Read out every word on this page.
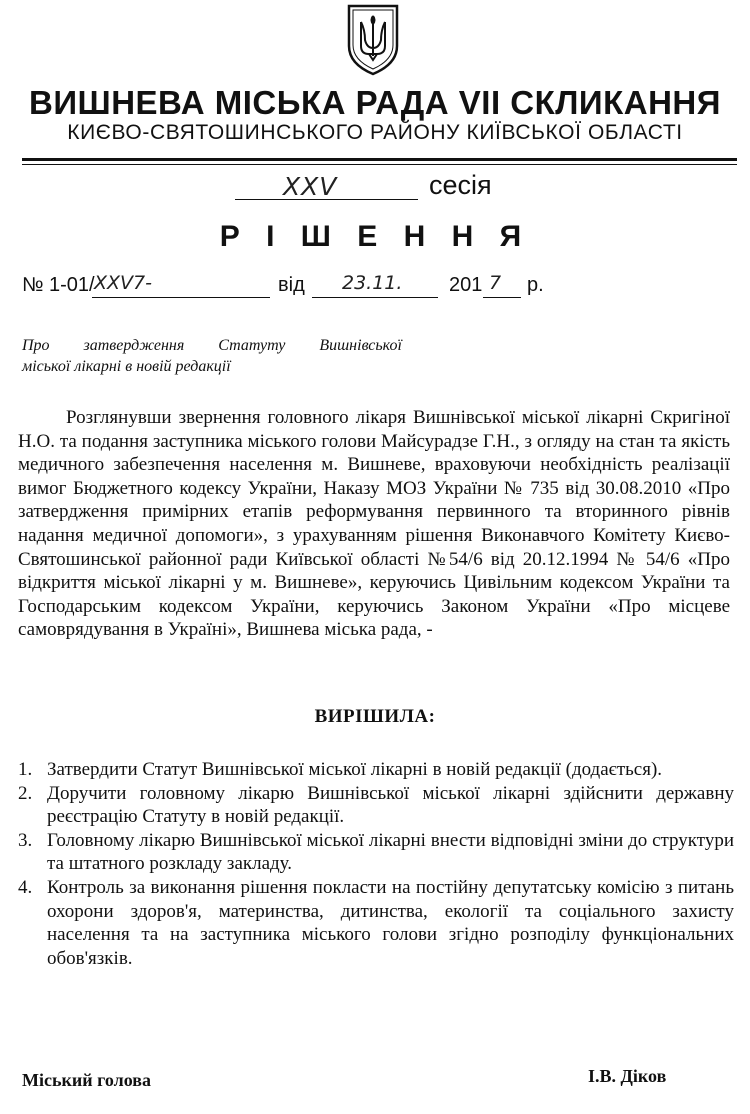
ВИШНЕВА МІСЬКА РАДА VII СКЛИКАННЯ
КИЄВО-СВЯТОШИНСЬКОГО РАЙОНУ КИЇВСЬКОЇ ОБЛАСТІ
XXV	сесія
Р І Ш Е Н Н Я
№ 1-01/ XXV7-	від 23.11. 201 7 р.
Про затвердження Статуту Вишнівської
міської лікарні в новій редакції
Розглянувши звернення головного лікаря Вишнівської міської лікарні Скригіної Н.О. та подання заступника міського голови Майсурадзе Г.Н., з огляду на стан та якість медичного забезпечення населення м. Вишневе, враховуючи необхідність реалізації вимог Бюджетного кодексу України, Наказу МОЗ України № 735 від 30.08.2010 «Про затвердження примірних етапів реформування первинного та вторинного рівнів надання медичної допомоги», з урахуванням рішення Виконавчого Комітету Києво-Святошинської районної ради Київської області №54/6 від 20.12.1994 № 54/6 «Про відкриття міської лікарні у м. Вишневе», керуючись Цивільним кодексом України та Господарським кодексом України, керуючись Законом України «Про місцеве самоврядування в Україні», Вишнева міська рада, -
ВИРІШИЛА:
1. Затвердити Статут Вишнівської міської лікарні в новій редакції (додається).
2. Доручити головному лікарю Вишнівської міської лікарні здійснити державну реєстрацію Статуту в новій редакції.
3. Головному лікарю Вишнівської міської лікарні внести відповідні зміни до структури та штатного розкладу закладу.
4. Контроль за виконання рішення покласти на постійну депутатську комісію з питань охорони здоров'я, материнства, дитинства, екології та соціального захисту населення та на заступника міського голови згідно розподілу функціональних обов'язків.
Міський голова	І.В. Діков
